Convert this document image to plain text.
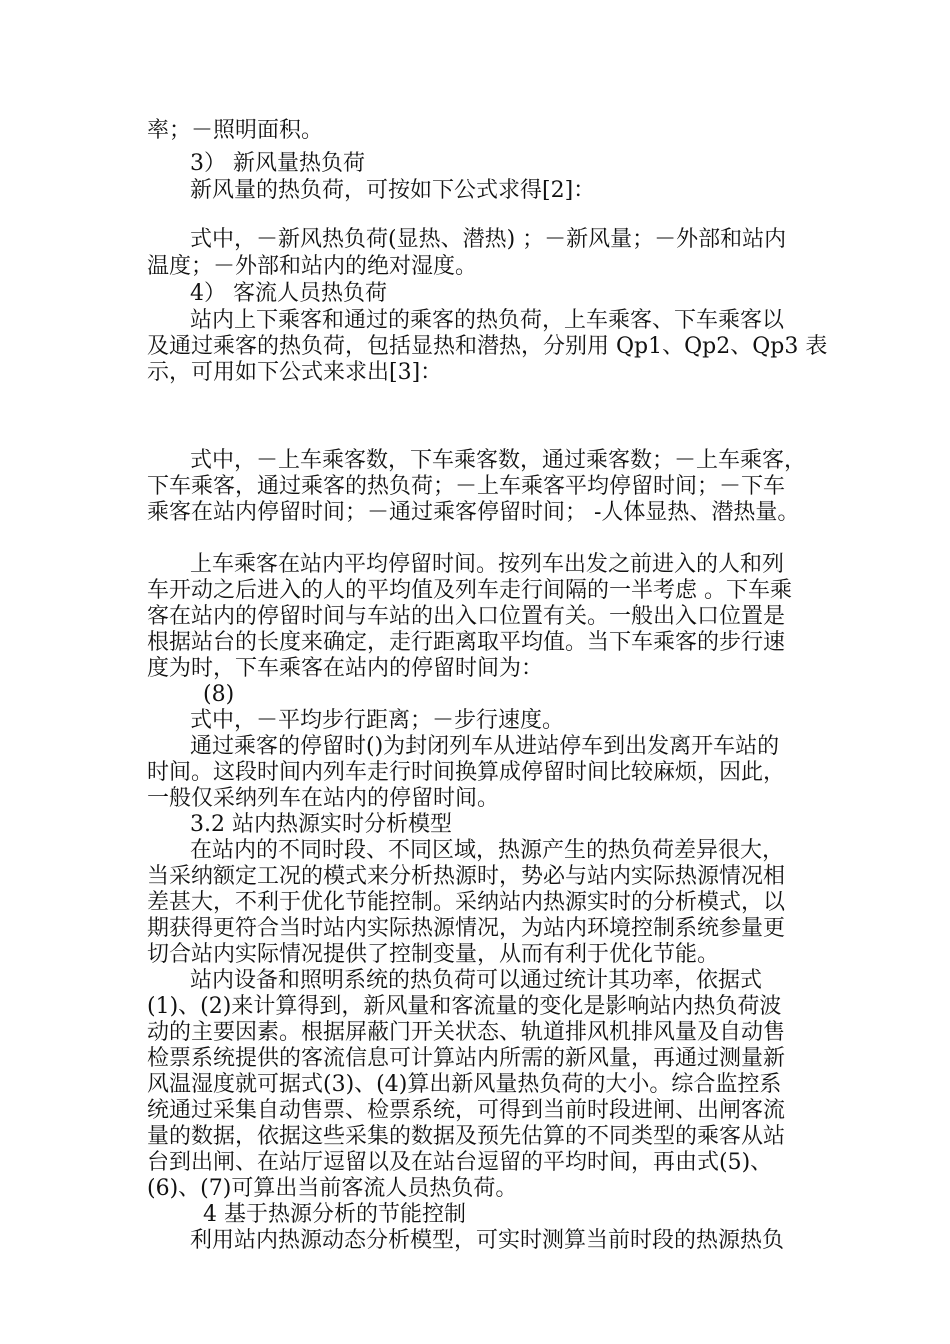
率；－照明面积。
3） 新风量热负荷
新风量的热负荷，可按如下公式求得[2]：
式中，－新风热负荷(显热、潜热) ；－新风量；－外部和站内
温度；－外部和站内的绝对湿度。
4） 客流人员热负荷
站内上下乘客和通过的乘客的热负荷，上车乘客、下车乘客以
及通过乘客的热负荷，包括显热和潜热，分别用 Qp1、Qp2、Qp3 表
示，可用如下公式来求出[3]：
式中，－上车乘客数，下车乘客数，通过乘客数；－上车乘客，
下车乘客，通过乘客的热负荷；－上车乘客平均停留时间；－下车
乘客在站内停留时间；－通过乘客停留时间； -人体显热、潜热量。
上车乘客在站内平均停留时间。按列车出发之前进入的人和列
车开动之后进入的人的平均值及列车走行间隔的一半考虑 。下车乘
客在站内的停留时间与车站的出入口位置有关。一般出入口位置是
根据站台的长度来确定，走行距离取平均值。当下车乘客的步行速
度为时，下车乘客在站内的停留时间为：
(8)
式中，－平均步行距离；－步行速度。
通过乘客的停留时()为封闭列车从进站停车到出发离开车站的
时间。这段时间内列车走行时间换算成停留时间比较麻烦，因此，
一般仅采纳列车在站内的停留时间。
3.2 站内热源实时分析模型
在站内的不同时段、不同区域，热源产生的热负荷差异很大，
当采纳额定工况的模式来分析热源时，势必与站内实际热源情况相
差甚大，不利于优化节能控制。采纳站内热源实时的分析模式，以
期获得更符合当时站内实际热源情况，为站内环境控制系统参量更
切合站内实际情况提供了控制变量，从而有利于优化节能。
站内设备和照明系统的热负荷可以通过统计其功率，依据式
(1)、(2)来计算得到，新风量和客流量的变化是影响站内热负荷波
动的主要因素。根据屏蔽门开关状态、轨道排风机排风量及自动售
检票系统提供的客流信息可计算站内所需的新风量，再通过测量新
风温湿度就可据式(3)、(4)算出新风量热负荷的大小。综合监控系
统通过采集自动售票、检票系统，可得到当前时段进闸、出闸客流
量的数据，依据这些采集的数据及预先估算的不同类型的乘客从站
台到出闸、在站厅逗留以及在站台逗留的平均时间，再由式(5)、
(6)、(7)可算出当前客流人员热负荷。
4 基于热源分析的节能控制
利用站内热源动态分析模型，可实时测算当前时段的热源热负
